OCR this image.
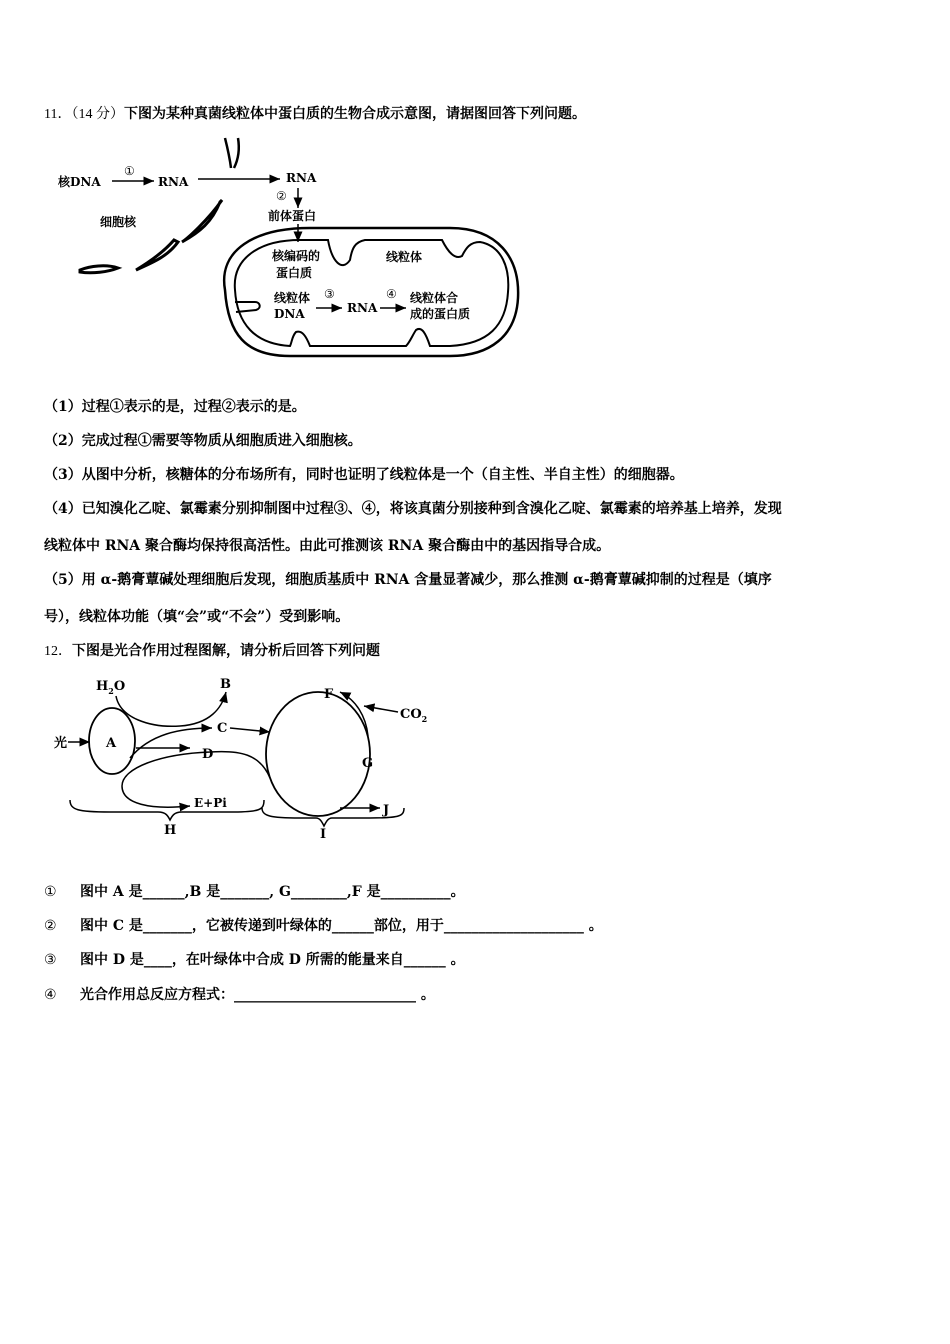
11．（14 分）下图为某种真菌线粒体中蛋白质的生物合成示意图，请据图回答下列问题。
核DNA
①
RNA
细胞核
RNA
②
前体蛋白
核编码的
蛋白质
线粒体
线粒体
DNA
③
RNA
④ 线粒体合
成的蛋白质
（1）过程①表示的是，过程②表示的是。
（2）完成过程①需要等物质从细胞质进入细胞核。
（3）从图中分析，核糖体的分布场所有，同时也证明了线粒体是一个（自主性、半自主性）的细胞器。
（4）已知溴化乙啶、氯霉素分别抑制图中过程③、④，将该真菌分别接种到含溴化乙啶、氯霉素的培养基上培养，发现
线粒体中 RNA 聚合酶均保持很高活性。由此可推测该 RNA 聚合酶由中的基因指导合成。
（5）用 α-鹅膏蕈碱处理细胞后发现，细胞质基质中 RNA 含量显著减少，那么推测 α-鹅膏蕈碱抑制的过程是（填序
号），线粒体功能（填“会”或“不会”）受到影响。
12．下图是光合作用过程图解，请分析后回答下列问题
$H_2O$
光	A
B
C
D
E+Pi
F
$CO_2$
G
J
H	I
① 图中 A 是______,B 是_______, G________,F 是__________。
② 图中 C 是_______，它被传递到叶绿体的______部位，用于____________________ 。
③ 图中 D 是____，在叶绿体中合成 D 所需的能量来自______ 。
④ 光合作用总反应方程式：__________________________ 。
